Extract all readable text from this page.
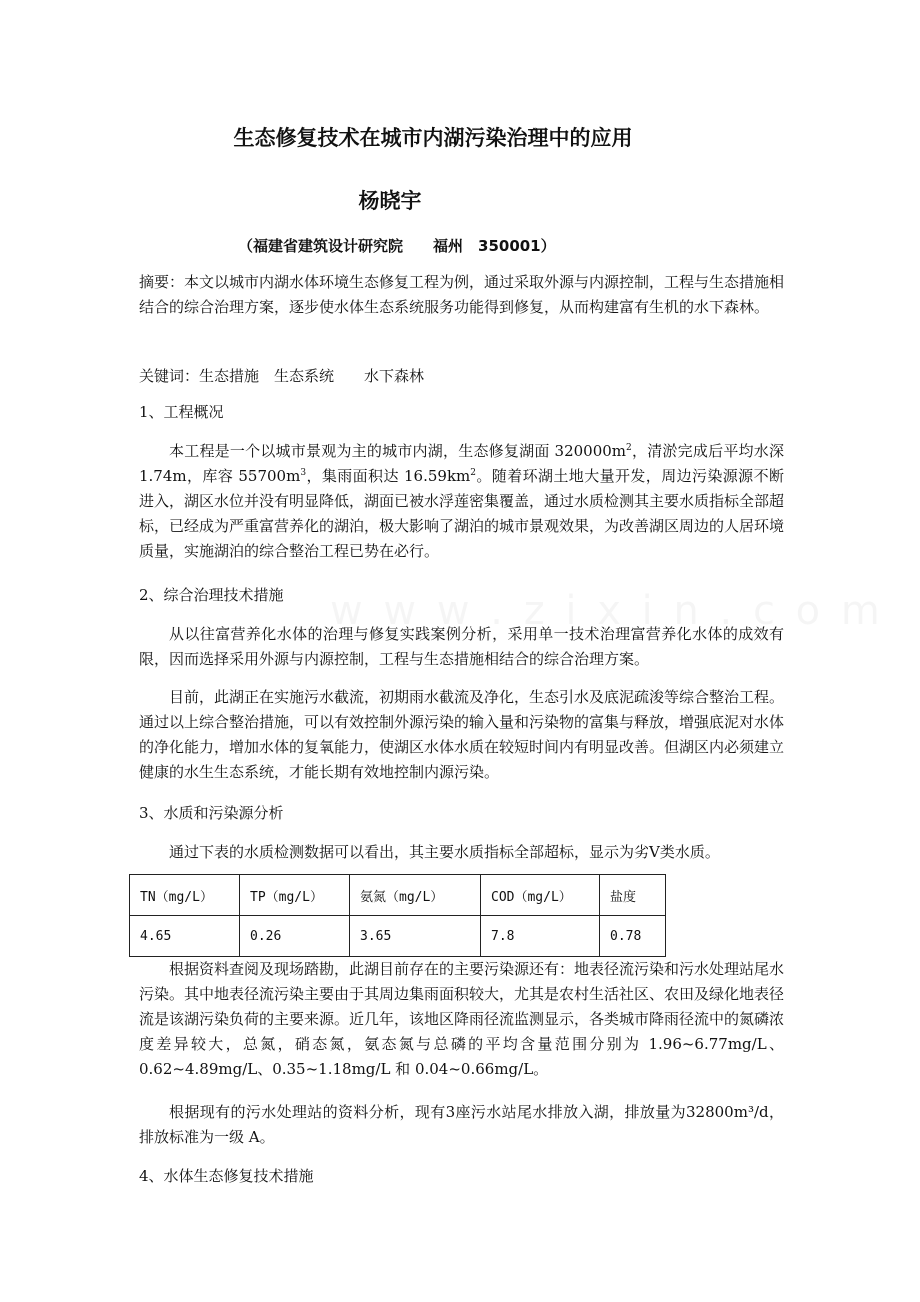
生态修复技术在城市内湖污染治理中的应用
杨晓宇
（福建省建筑设计研究院　　福州　350001）

摘要：本文以城市内湖水体环境生态修复工程为例，通过采取外源与内源控制，工程与生态措施相结合的综合治理方案，逐步使水体生态系统服务功能得到修复，从而构建富有生机的水下森林。

关键词：生态措施　生态系统　　水下森林

1、工程概况

本工程是一个以城市景观为主的城市内湖，生态修复湖面 $320000m^2$，清淤完成后平均水深 1.74m，库容 $55700m^3$，集雨面积达 $16.59km^2$。随着环湖土地大量开发，周边污染源源不断进入，湖区水位并没有明显降低，湖面已被水浮莲密集覆盖，通过水质检测其主要水质指标全部超标，已经成为严重富营养化的湖泊，极大影响了湖泊的城市景观效果，为改善湖区周边的人居环境质量，实施湖泊的综合整治工程已势在必行。

2、综合治理技术措施

从以往富营养化水体的治理与修复实践案例分析，采用单一技术治理富营养化水体的成效有限，因而选择采用外源与内源控制，工程与生态措施相结合的综合治理方案。

目前，此湖正在实施污水截流，初期雨水截流及净化，生态引水及底泥疏浚等综合整治工程。通过以上综合整治措施，可以有效控制外源污染的输入量和污染物的富集与释放，增强底泥对水体的净化能力，增加水体的复氧能力，使湖区水体水质在较短时间内有明显改善。但湖区内必须建立健康的水生生态系统，才能长期有效地控制内源污染。

3、水质和污染源分析

通过下表的水质检测数据可以看出，其主要水质指标全部超标，显示为劣Ⅴ类水质。

TN（mg/L）	TP（mg/L）	氨氮（mg/L）	COD（mg/L）	盐度
4.65	0.26	3.65	7.8	0.78

根据资料查阅及现场踏勘，此湖目前存在的主要污染源还有：地表径流污染和污水处理站尾水污染。其中地表径流污染主要由于其周边集雨面积较大，尤其是农村生活社区、农田及绿化地表径流是该湖污染负荷的主要来源。近几年，该地区降雨径流监测显示，各类城市降雨径流中的氮磷浓度差异较大，总氮，硝态氮，氨态氮与总磷的平均含量范围分别为 1.96~6.77mg/L、0.62~4.89mg/L、0.35~1.18mg/L 和 0.04~0.66mg/L。

根据现有的污水处理站的资料分析，现有3座污水站尾水排放入湖，排放量为32800m³/d，排放标准为一级 A。

4、水体生态修复技术措施
